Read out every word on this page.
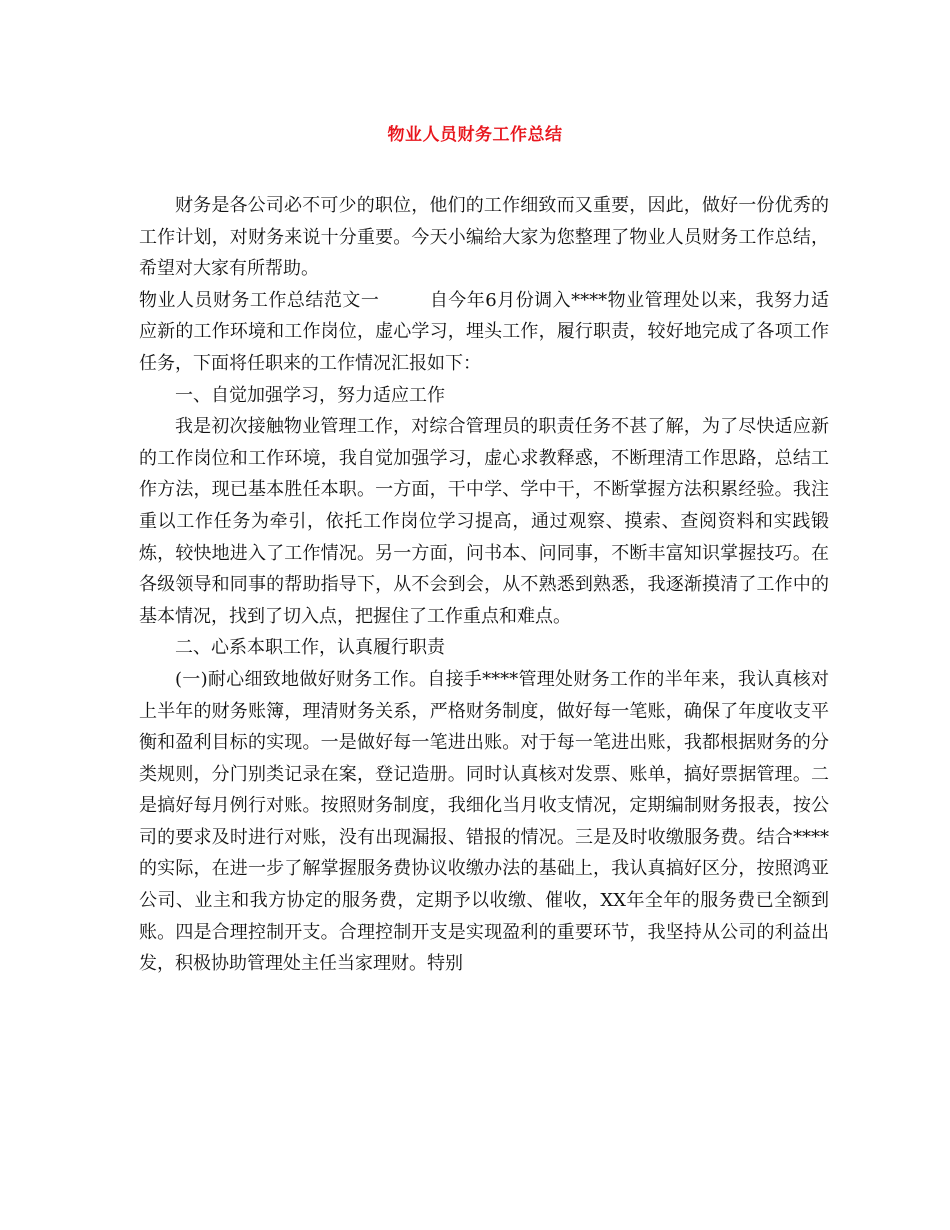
物业人员财务工作总结

财务是各公司必不可少的职位，他们的工作细致而又重要，因此，做好一份优秀的工作计划，对财务来说十分重要。今天小编给大家为您整理了物业人员财务工作总结，希望对大家有所帮助。

物业人员财务工作总结范文一	自今年6月份调入****物业管理处以来，我努力适应新的工作环境和工作岗位，虚心学习，埋头工作，履行职责，较好地完成了各项工作任务，下面将任职来的工作情况汇报如下：

一、自觉加强学习，努力适应工作

我是初次接触物业管理工作，对综合管理员的职责任务不甚了解，为了尽快适应新的工作岗位和工作环境，我自觉加强学习，虚心求教释惑，不断理清工作思路，总结工作方法，现已基本胜任本职。一方面，干中学、学中干，不断掌握方法积累经验。我注重以工作任务为牵引，依托工作岗位学习提高，通过观察、摸索、查阅资料和实践锻炼，较快地进入了工作情况。另一方面，问书本、问同事，不断丰富知识掌握技巧。在各级领导和同事的帮助指导下，从不会到会，从不熟悉到熟悉，我逐渐摸清了工作中的基本情况，找到了切入点，把握住了工作重点和难点。

二、心系本职工作，认真履行职责

(一)耐心细致地做好财务工作。自接手****管理处财务工作的半年来，我认真核对上半年的财务账簿，理清财务关系，严格财务制度，做好每一笔账，确保了年度收支平衡和盈利目标的实现。一是做好每一笔进出账。对于每一笔进出账，我都根据财务的分类规则，分门别类记录在案，登记造册。同时认真核对发票、账单，搞好票据管理。二是搞好每月例行对账。按照财务制度，我细化当月收支情况，定期编制财务报表，按公司的要求及时进行对账，没有出现漏报、错报的情况。三是及时收缴服务费。结合****的实际，在进一步了解掌握服务费协议收缴办法的基础上，我认真搞好区分，按照鸿亚公司、业主和我方协定的服务费，定期予以收缴、催收，XX年全年的服务费已全额到账。四是合理控制开支。合理控制开支是实现盈利的重要环节，我坚持从公司的利益出发，积极协助管理处主任当家理财。特别
